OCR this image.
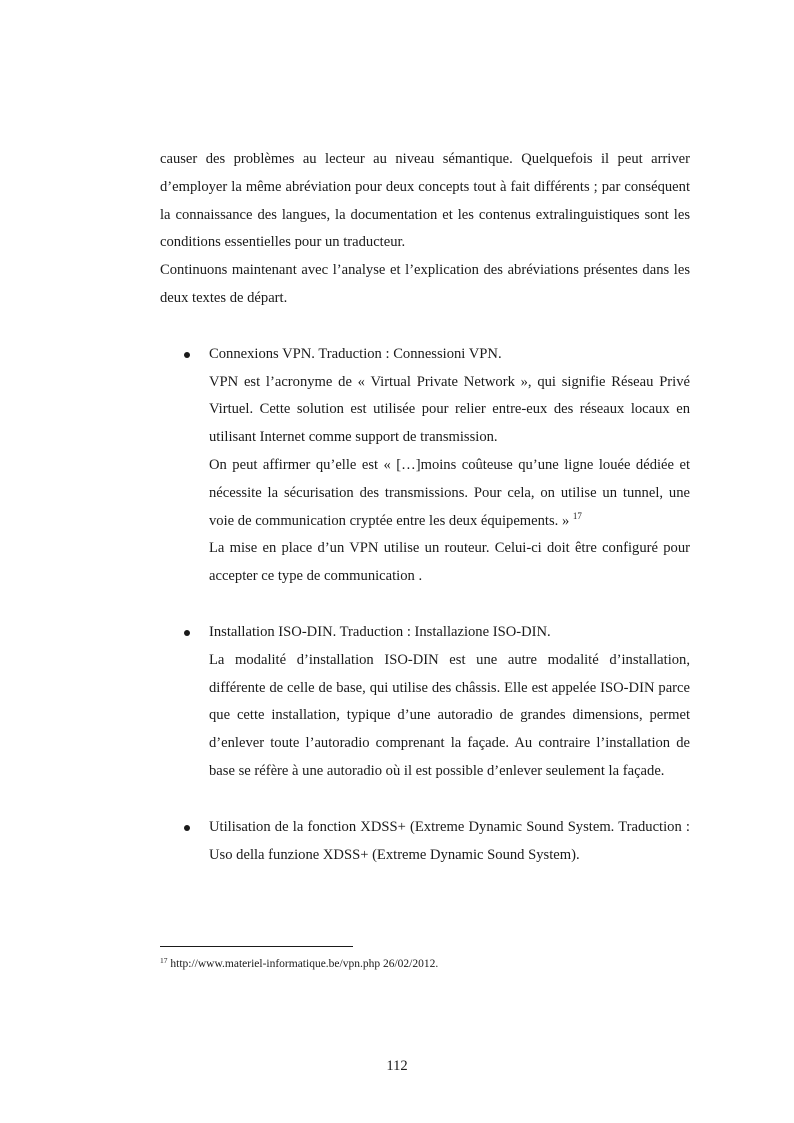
causer des problèmes au lecteur au niveau sémantique. Quelquefois il peut arriver d’employer la même abréviation pour deux concepts tout à fait différents ; par conséquent la connaissance des langues, la documentation et les contenus extralinguistiques sont les conditions essentielles pour un traducteur.

Continuons maintenant avec l’analyse et l’explication des abréviations présentes dans les deux textes de départ.

Connexions VPN. Traduction : Connessioni VPN.

VPN est l’acronyme de « Virtual Private Network », qui signifie Réseau Privé Virtuel. Cette solution est utilisée pour relier entre-eux des réseaux locaux en utilisant Internet comme support de transmission.

On peut affirmer qu’elle est « […]moins coûteuse qu’une ligne louée dédiée et nécessite la sécurisation des transmissions. Pour cela, on utilise un tunnel, une voie de communication cryptée entre les deux équipements. » $^{17}$

La mise en place d’un VPN utilise un routeur. Celui-ci doit être configuré pour accepter ce type de communication .

Installation ISO-DIN. Traduction : Installazione ISO-DIN.

La modalité d’installation ISO-DIN est une autre modalité d’installation, différente de celle de base, qui utilise des châssis. Elle est appelée ISO-DIN parce que cette installation, typique d’une autoradio de grandes dimensions, permet d’enlever toute l’autoradio comprenant la façade. Au contraire l’installation de base se réfère à une autoradio où il est possible d’enlever seulement la façade.

Utilisation de la fonction XDSS+ (Extreme Dynamic Sound System. Traduction : Uso della funzione XDSS+ (Extreme Dynamic Sound System).

$^{17}$ http://www.materiel-informatique.be/vpn.php 26/02/2012.
112
